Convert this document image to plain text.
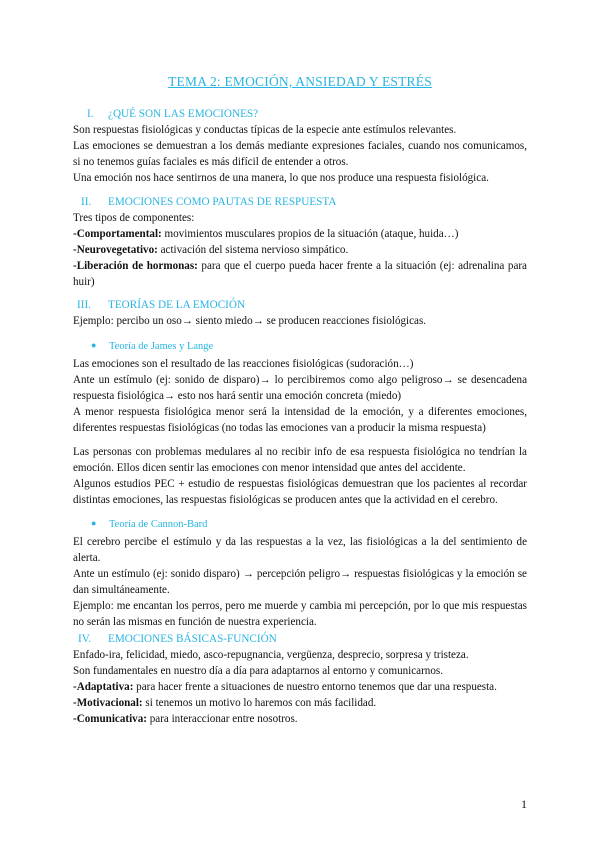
TEMA 2: EMOCIÓN, ANSIEDAD Y ESTRÉS
I. ¿QUÉ SON LAS EMOCIONES?

Son respuestas fisiológicas y conductas típicas de la especie ante estímulos relevantes.

Las emociones se demuestran a los demás mediante expresiones faciales, cuando nos comunicamos, si no tenemos guías faciales es más difícil de entender a otros.

Una emoción nos hace sentirnos de una manera, lo que nos produce una respuesta fisiológica.

II. EMOCIONES COMO PAUTAS DE RESPUESTA

Tres tipos de componentes:

-Comportamental: movimientos musculares propios de la situación (ataque, huida…)

-Neurovegetativo: activación del sistema nervioso simpático.

-Liberación de hormonas: para que el cuerpo pueda hacer frente a la situación (ej: adrenalina para huir)

III. TEORÍAS DE LA EMOCIÓN

Ejemplo: percibo un oso→ siento miedo→ se producen reacciones fisiológicas.

● Teoría de James y Lange

Las emociones son el resultado de las reacciones fisiológicas (sudoración…)

Ante un estímulo (ej: sonido de disparo)→ lo percibiremos como algo peligroso→ se desencadena respuesta fisiológica→ esto nos hará sentir una emoción concreta (miedo)

A menor respuesta fisiológica menor será la intensidad de la emoción, y a diferentes emociones, diferentes respuestas fisiológicas (no todas las emociones van a producir la misma respuesta)

Las personas con problemas medulares al no recibir info de esa respuesta fisiológica no tendrían la emoción. Ellos dicen sentir las emociones con menor intensidad que antes del accidente.

Algunos estudios PEC + estudio de respuestas fisiológicas demuestran que los pacientes al recordar distintas emociones, las respuestas fisiológicas se producen antes que la actividad en el cerebro.

● Teoría de Cannon-Bard

El cerebro percibe el estímulo y da las respuestas a la vez, las fisiológicas a la del sentimiento de alerta.

Ante un estímulo (ej: sonido disparo) → percepción peligro→ respuestas fisiológicas y la emoción se dan simultáneamente.

Ejemplo: me encantan los perros, pero me muerde y cambia mi percepción, por lo que mis respuestas no serán las mismas en función de nuestra experiencia.

IV. EMOCIONES BÁSICAS-FUNCIÓN

Enfado-ira, felicidad, miedo, asco-repugnancia, vergüenza, desprecio, sorpresa y tristeza.

Son fundamentales en nuestro día a día para adaptarnos al entorno y comunicarnos.

-Adaptativa: para hacer frente a situaciones de nuestro entorno tenemos que dar una respuesta.

-Motivacional: si tenemos un motivo lo haremos con más facilidad.

-Comunicativa: para interaccionar entre nosotros.

1
